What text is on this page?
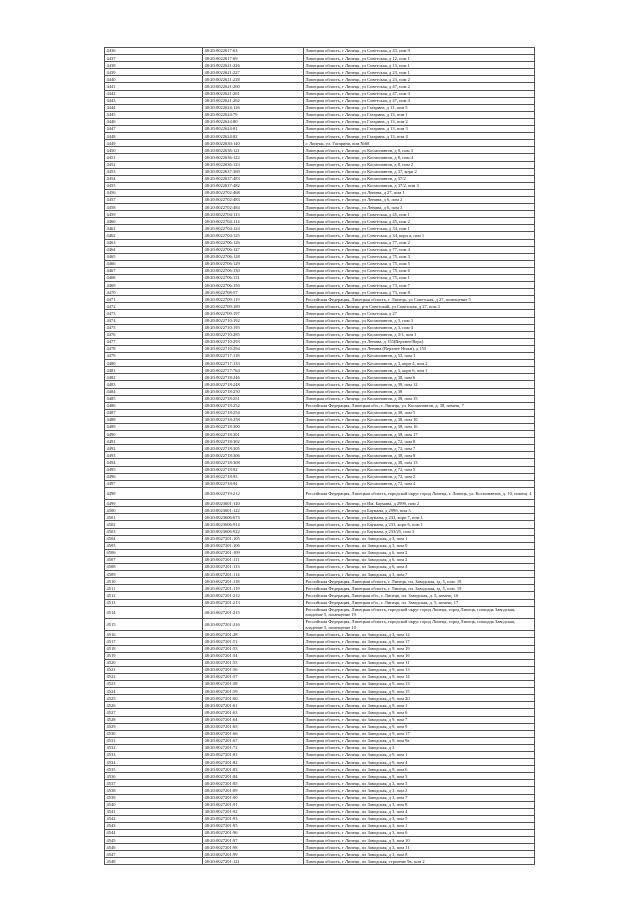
4436	48:20:0022617:63	Липецкая область, г Липецк, ул Советская, д 43, пом 9
4437	48:20:0022617:69	Липецкая область, г Липецк, ул Советская, д 12, пом 1
4438	48:20:0022621:226	Липецкая область, г Липецк, ул Советская, д 13, пом 1
4439	48:20:0022621:227	Липецкая область, г Липецк, ул Советская, д 23, пом 1
4440	48:20:0022621:228	Липецкая область, г Липецк, ул Советская, д 23, пом 2
4441	48:20:0022621:260	Липецкая область, г Липецк, ул Советская, д 47, пом 2
4442	48:20:0022621:261	Липецкая область, г Липецк, ул Советская, д 47, пом 3
4443	48:20:0022621:262	Липецкая область, г Липецк, ул Советская, д 47, пом 4
4444	48:20:0022624:126	Липецкая область, г Липецк, ул Гагарина, д 11, пом 5
4445	48:20:0022624:79	Липецкая область, г Липецк, ул Гагарина, д 13, пом 1
4446	48:20:0022624:80	Липецкая область, г Липецк, ул Гагарина, д 13, пом 2
4447	48:20:0022624:81	Липецкая область, г Липецк, ул Гагарина, д 13, пом 3
4448	48:20:0022624:82	Липецкая область, г Липецк, ул Гагарина, д 13, пом 4
4449	48:20:0022630:140	г. Липецк, ул. Гагарина, пом №68
4450	48:20:0022636:121	Липецкая область, г Липецк, ул Космонавтов, д 8, пом 3
4451	48:20:0022636:122	Липецкая область, г Липецк, ул Космонавтов, д 8, пом 4
4452	48:20:0022636:123	Липецкая область, г Липецк, ул Космонавтов, д 8, пом 2
4453	48:20:0022637:369	Липецкая область, г Липецк, ул Космонавтов, д 37, корп 2
4454	48:20:0022637:483	Липецкая область, г Липецк, ул Космонавтов, д 37/2
4455	48:20:0022637:482	Липецкая область, г Липецк, ул Космонавтов, д 37/2, пом 3
4456	48:20:0022702:468	Липецкая область, г Липецк, ул Ленина, д 27, пом 1
4457	48:20:0022702:483	Липецкая область, г Липецк, ул Ленина, д 6, пом 2
4458	48:20:0022702:484	Липецкая область, г Липецк, ул Ленина, д 6, пом 3
4459	48:20:0022704:113	Липецкая область, г Липецк, ул Советская, д 45, пом 1
4460	48:20:0022704:114	Липецкая область, г Липецк, ул Советская, д 45, пом 2
4461	48:20:0022704:124	Липецкая область, г Липецк, ул Советская, д 34, пом 1
4462	48:20:0022704:125	Липецкая область, г Липецк, ул Советская, д 34, корп а, пом 1
4463	48:20:0022706:126	Липецкая область, г Липецк, ул Советская, д 77, пом 2
4464	48:20:0022706:127	Липецкая область, г Липецк, ул Советская, д 77, пом 4
4465	48:20:0022706:128	Липецкая область, г Липецк, ул Советская, д 75, пом 3
4466	48:20:0022706:129	Липецкая область, г Липецк, ул Советская, д 75, пом 5
4467	48:20:0022706:130	Липецкая область, г Липецк, ул Советская, д 75, пом 6
4468	48:20:0022706:131	Липецкая область, г Липецк, ул Советская, д 75, пом 1
4469	48:20:0022706:150	Липецкая область, г Липецк, ул Советская, д 73, пом 7
4470	48:20:0022708:57	Липецкая область, г Липецк, ул Советская, д 73, пом 8
4471	48:20:0022709:119	Российская Федерация, Липецкая область, г. Липецк, ул Советская, д 27, помещение 5
4472	48:20:0022709:189	Липецкая область, г Липецк, р-н Советский, ул Советская, д 27, пом 3
4473	48:20:0022709:197	Липецкая область, г Липецк, ул Советская, д 27
4474	48:20:0022710:192	Липецкая область, г Липецк, ул Космонавтов, д 3, пом 3
4475	48:20:0022710:193	Липецкая область, г Липецк, ул Космонавтов, д 3, пом 4
4476	48:20:0022710:285	Липецкая область, г Липецк, ул Космонавтов, д 3/1, пом 1
4477	48:20:0022710:293	Липецкая область, г Липецк, ул Ленина, д 155(Верхнее/Верх)
4478	48:20:0022710:294	Липецкая область, г Липецк, ул Ленина (Верхнее Нижн), д 155
4479	48:20:0022717:118	Липецкая область, г Липецк, ул Космонавтов, д 53, пом 1
4480	48:20:0022717:133	Липецкая область, г Липецк, ул Космонавтов, д 3, корп 4, пом 2
4481	48:20:0022717:764	Липецкая область, г Липецк, ул Космонавтов, д 3, корп 6, пом 1
4482	48:20:0022718:246	Липецкая область, г Липецк, ул Космонавтов, д 38, пом 6
4483	48:20:0022718:248	Липецкая область, г Липецк, ул Космонавтов, д 38, пом 12
4484	48:20:0022718:250	Липецкая область, г Липецк, ул Космонавтов, д 38
4485	48:20:0022718:251	Липецкая область, г Липецк, ул Космонавтов, д 38, пом 15
4486	48:20:0022718:252	Российская Федерация, Липецкая обл., г. Липецк, ул. Космонавтов, д. 38, помещ. 7
4487	48:20:0022718:254	Липецкая область, г Липецк, ул Космонавтов, д 38, пом 5
4488	48:20:0022718:258	Липецкая область, г Липецк, ул Космонавтов, д 38, пом 10
4489	48:20:0022718:300	Липецкая область, г Липецк, ул Космонавтов, д 38, пом 16
4490	48:20:0022718:301	Липецкая область, г Липецк, ул Космонавтов, д 38, пом 17
4491	48:20:0022718:302	Липецкая область, г Липецк, ул Космонавтов, д 72, пом 8
4492	48:20:0022718:305	Липецкая область, г Липецк, ул Космонавтов, д 72, пом 7
4493	48:20:0022718:306	Липецкая область, г Липецк, ул Космонавтов, д 38, пом 8
4494	48:20:0022718:308	Липецкая область, г Липецк, ул Космонавтов, д 38, пом 13
4495	48:20:0022718:92	Липецкая область, г Липецк, ул Космонавтов, д 72, пом 5
4496	48:20:0022718:93	Липецкая область, г Липецк, ул Космонавтов, д 72, пом 2
4497	48:20:0022718:94	Липецкая область, г Липецк, ул Космонавтов, д 72, пом 4
4498	48:20:0022719:212	Российская Федерация, Липецкая область, городской округ город Липецк, г. Липецк, ул. Космонавтов, д. 10, помещ. 4
4499	48:20:0023601:120	Липецкая область, г Липецк, ул Им. Баумана, д 299б, пом 2
4500	48:20:0023601:122	Липецкая область, г Липецк, ул Баумана, д 299б, пом 3
4501	48:20:0023606:673	Липецкая область, г Липецк, ул Баумана, д 233, корп 7, пом 1
4502	48:20:0023606:914	Липецкая область, г Липецк, ул Баумана, д 233, корп 6, пом 1
4503	48:20:0023606:922	Липецкая область, г Липецк, ул Баумана, д 233/25, пом 3
4504	48:20:0027201:105	Липецкая область, г Липецк, пл Заводская, д 3, пом 1
4505	48:20:0027201:106	Липецкая область, г Липецк, пл Заводская, д 3, пом 9
4506	48:20:0027201:109	Липецкая область, г Липецк, пл Заводская, д 6, пом 2
4507	48:20:0027201:111	Липецкая область, г Липецк, пл Заводская, д 6, пом 2
4508	48:20:0027201:113	Липецкая область, г Липецк, пл Заводская, д 6, пом 4
4509	48:20:0027201:114	Липецкая область, г Липецк, пл Заводская, д 3, пом 7
4510	48:20:0027201:118	Российская Федерация, Липецкая область, г. Липецк, пл. Заводская, зд. 5, пом. 18
4511	48:20:0027201:119	Российская Федерация, Липецкая область, г. Липецк, пл. Заводская, зд. 5, пом. 19
4512	48:20:0027201:212	Российская Федерация, Липецкая обл., г. Липецк, пл. Заводская, д. 5, помещ. 16
4513	48:20:0027201:213	Российская Федерация, Липецкая обл., г. Липецк, пл. Заводская, д. 5, помещ. 17
4514	48:20:0027201:215	Российская Федерация, Липецкая область, городской округ город Липецк, город Липецк, площадь Заводская, владение 5, помещение 19
4515	48:20:0027201:216	Российская Федерация, Липецкая область, городской округ город Липецк, город Липецк, площадь Заводская, владение 5, помещение 10
4516	48:20:0027201:28	Липецкая область, г Липецк, пл Заводская, д 3, пом 12
4517	48:20:0027201:51	Липецкая область, г Липецк, пл Заводская, д 9, пом 17
4518	48:20:0027201:53	Липецкая область, г Липецк, пл Заводская, д 9, пом 19
4519	48:20:0027201:54	Липецкая область, г Липецк, пл Заводская, д 9, пом 16
4520	48:20:0027201:55	Липецкая область, г Липецк, пл Заводская, д 9, пом 11
4521	48:20:0027201:56	Липецкая область, г Липецк, пл Заводская, д 9, пом 13
4522	48:20:0027201:57	Липецкая область, г Липецк, пл Заводская, д 9, пом 14
4523	48:20:0027201:58	Липецкая область, г Липецк, пл Заводская, д 9, пом 13
4524	48:20:0027201:59	Липецкая область, г Липецк, пл Заводская, д 9, пом 15
4525	48:20:0027201:60	Липецкая область, г Липецк, пл Заводская, д 9, пом 20
4526	48:20:0027201:61	Липецкая область, г Липецк, пл Заводская, д 9, пом 1
4527	48:20:0027201:63	Липецкая область, г Липецк, пл Заводская, д 9, пом 6
4528	48:20:0027201:64	Липецкая область, г Липецк, пл Заводская, д 9, пом 7
4529	48:20:0027201:65	Липецкая область, г Липецк, пл Заводская, д 9, пом 9
4530	48:20:0027201:66	Липецкая область, г Липецк, пл Заводская, д 9, пом 17
4531	48:20:0027201:67	Липецкая область, г Липецк, пл Заводская, д 9, пом 9а
4532	48:20:0027201:71	Липецкая область, г Липецк, пл Заводская, д 3
4533	48:20:0027201:81	Липецкая область, г Липецк, пл Заводская, д 9, пом 1
4534	48:20:0027201:82	Липецкая область, г Липецк, пл Заводская, д 9, пом 4
4535	48:20:0027201:83	Липецкая область, г Липецк, пл Заводская, д 9, пом 6
4536	48:20:0027201:84	Липецкая область, г Липецк, пл Заводская, д 9, пом 3
4537	48:20:0027201:85	Липецкая область, г Липецк, пл Заводская, д 3, пом 5
4538	48:20:0027201:89	Липецкая область, г Липецк, пл Заводская, д 3, пом 2
4539	48:20:0027201:90	Липецкая область, г Липецк, пл Заводская, д 3, пом 7
4540	48:20:0027201:91	Липецкая область, г Липецк, пл Заводская, д 3, пом 8
4541	48:20:0027201:92	Липецкая область, г Липецк, пл Заводская, д 3, пом 4
4542	48:20:0027201:93	Липецкая область, г Липецк, пл Заводская, д 3, пом 5
4543	48:20:0027201:95	Липецкая область, г Липецк, пл Заводская, д 3, пом 1
4544	48:20:0027201:96	Липецкая область, г Липецк, пл Заводская, д 3, пом 6
4545	48:20:0027201:97	Липецкая область, г Липецк, пл Заводская, д 3, пом 10
4546	48:20:0027201:98	Липецкая область, г Липецк, пл Заводская, д 3, пом 11
4547	48:20:0027201:99	Липецкая область, г Липецк, пл Заводская, д 3, пом 8
4548	48:20:0027201:121	Липецкая область, г Липецк, пл Заводская, строение 9в, пом 2
